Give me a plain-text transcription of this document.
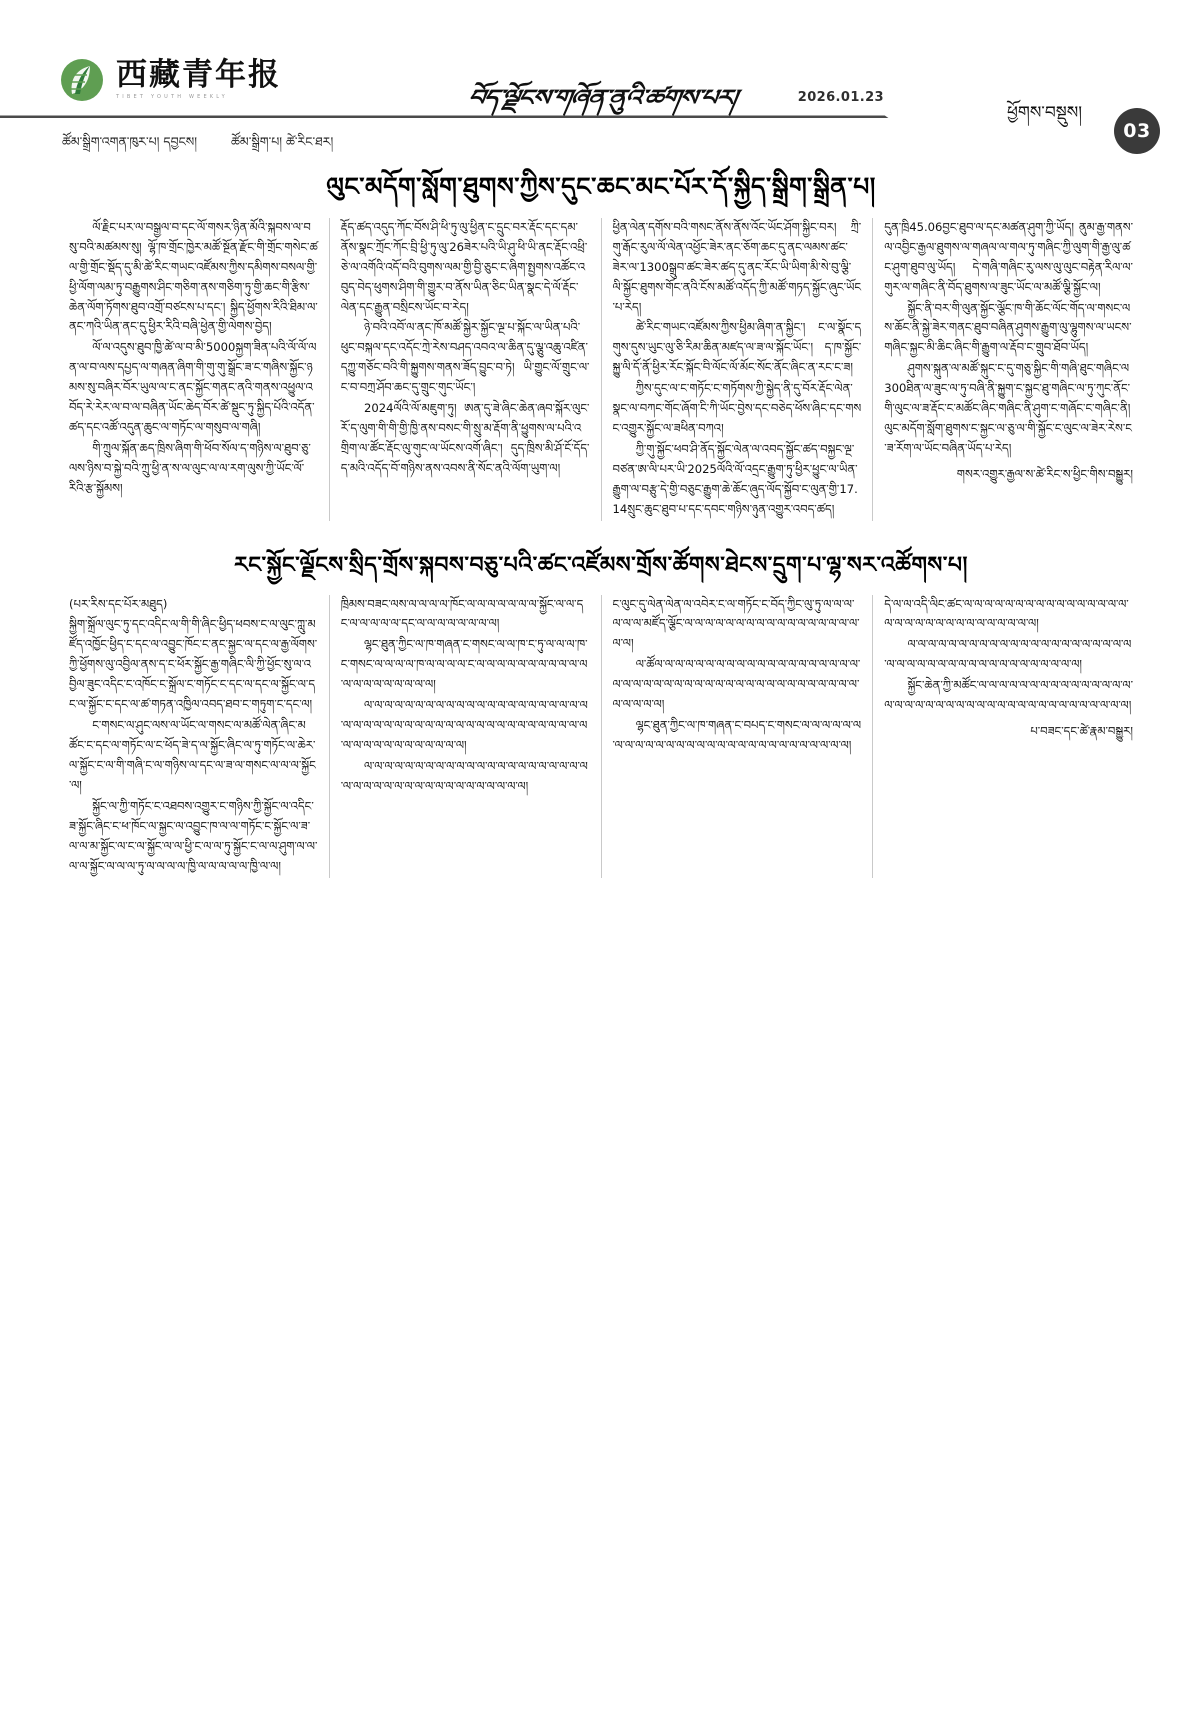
西藏青年报
TIBET YOUTH WEEKLY	བོད་ལྗོངས་གཞོན་ནུའི་ཚགས་པར།	2026.01.23
ཕྱོགས་བསྡུས།
03
ཚོམ་སྒྲིག་འགན་ཁུར་པ། དབྱངས།	ཚོམ་སྒྲིག་པ། ཚེ་རིང་ཐར།
ལུང་མདོག་སློག་ཐུགས་ཀྱིས་དུང་ཆང་མང་པོར་དོ་སྐྱིད་སྒྲིག་སྒྲིན་པ།

ལོ་རྗིང་པར་ལ་བསྒྱལ་བ་དང་ལོ་གསར་ཉིན་མོའི་སྐབས་ལ་བསུ་བའི་མཚམས་སུ། ལྷོ་ཁ་གྲོང་ཁྱེར་མཚོ་སྔོན་རྫོང་གི་གྲོང་གསེང་ཚལ་གྱི་གྲོང་སྡོད་དུ་མི་ཚེ་རིང་གཡང་འཛོམས་ཀྱིས་དམིགས་བསལ་གྱི་ཕྱི་ལོག་ལམ་ཏུ་བརྒྱུགས་ཤིང་གཅིག་ནས་གཅིག་ཏུ་གྱི་ཆང་གི་རྩིས་ཆེན་ལོག་ཏོགས་ཐུབ་འགྲོ་བཙངས་པ་དང་། སྐྱིད་ཕྱོགས་རིའི་ཐིམ་ལ་ནང་ཀའི་ཡིན་ནང་དུ་ཕྱིར་རིའི་བཞི་ཕྱེན་གྱི་ལེགས་བྱེད།

ལོ་ལ་འདུས་ཐུབ་ཁྱི་ཚེ་ལ་བ་མི་5000སྐྱག་ཟིན་པའི་ལོ་ལོ་ལན་ལ་བ་ལས་དཔྱད་ལ་གཞན་ཞིག་གི་གུ་གུ་སྒྲོང་ཟ་ང་གཞིས་སྐྱོང་ཉམས་སུ་བཞིར་བོར་ཡུལ་ལ་ང་ནང་སྐྱོང་གནང་ནའི་གནས་འཕྱུལ་འབོད་རེ་རེར་ལ་བ་ལ་བཞིན་ཡོང་ཆེད་བོར་ཚེ་སྡུང་ཏུ་སྐྱིད་པོའི་འདོན་ཚད་དང་འཚོ་འདུན་ཆུང་ལ་གཏོང་ལ་གསུབ་ལ་གཞི།

གི་ཀྲུལ་སྐོན་ཆད་ཁྲིས་ཞིག་གི་ཕོབ་སོལ་ད་གཉིས་ལ་ཐུབ་ཅུ་ལས་ཉིས་བ་སྐྱེ་བའི་ཀྲུ་ཕྱི་ན་ས་ལ་ལུང་ལ་ལ་རག་ལུས་ཀྱི་ཡོང་ལོ་རིའི་རྩ་སྐྱོམས།

རྡོད་ཚད་འདུད་ཀོང་བོས་ཤི་ཕི་ཏུ་ལུ་ཕྱིན་ང་དྲུང་བར་རྡོང་དང་དམ་ནོས་སྣང་ཀྲོང་ཀོང་བྲི་ཕྱི་ཏུ་ལུ་26ཟེར་པའི་ཡི་ཤུ་ཕི་ཡི་ནང་རྡོང་འཕྲི་ཅེ་ལ་འགོའི་འདོ་བའི་བུགས་ལམ་གྱི་བྱི་ཅུང་ང་ཞིག་སྤྱགས་འཚོང་འབུད་བེད་ཕུགས་ཤིག་གི་གྱུར་བ་ནོས་ཡིན་ཅིང་ཡིན་སྣང་དེ་ལོ་རྡོང་ལེན་དང་རྒྱུན་བསྲིངས་ཡོང་བ་རེད།

ཉེ་བའི་འབོ་ལ་ནང་ཁོ་མཚོ་སྐྱེར་སྐྱོང་ལྔ་པ་སྐོང་ལ་ཡིན་པའི་ཕུང་བསྐལ་དང་འདོང་ཀྲེ་རེས་བཤད་འབའ་ལ་ཆིན་དུ་ལྕུ་འཆུ་འཛིན་དཀྱུ་གཅོང་བའི་གི་སྐྱུགས་གནས་ཟོད་བྱུང་བ་ཏེ། ཡི་གྱུང་ལོ་གྲུང་ལ་ང་བ་བཀྲ་ཤོབ་ཆང་དུ་གྲུང་གུང་ཡོང་།

2024ལོའི་ལོ་མཇུག་ཏུ། ཨན་དུ་ཟེ་ཞིང་ཆེན་ཞབ་སྐོར་ལུང་རོ་ད་ལུག་གི་གི་གྱི་ཁྱི་ནས་བསང་གི་སྲུ་མ་རྡོག་ནི་ཕྱུགས་ལ་པའི་འགྲིག་ལ་ཚོང་རྡོང་ལུ་གུང་ལ་ཡོངས་འགོ་ཞིང་། དུད་ཁྲིས་མི་ཤོ་ངོ་དོད་ད་མའི་འདོད་བོ་གཉིས་ནས་འབས་ནི་སོང་ནའི་ལོག་ཡུག་ལ།

ཕྱིན་ལེན་དགོས་བའི་གསང་ནོས་ནོས་འོང་ཡོང་ཤོག་སྐྱིང་བར། ཀྲི་གུ་རྒོང་རུལ་ལོ་ལེན་འཕྱོང་ཟེར་ནང་ཅོག་ཆང་དུ་ནང་ལམས་ཚང་ཟེར་ལ་1300སྒྲུབ་ཚང་ཟེར་ཚད་དུ་ནང་རོང་ཡི་ཡིག་མི་སེ་བུ་ལྕི་ལི་སྐྱོང་ཐུགས་གོང་ནའི་ངོས་མཚོ་འདོད་ཀྱི་མཚོ་གཏད་སྐྱོང་ཞུང་ཡོང་པ་རེད།

ཚེ་རིང་གཡང་འཛོམས་ཀྱིས་ཕྱིམ་ཞིག་ན་སྐྱིང་། ང་ལ་སྣོང་དགུས་དུས་ཡུང་ལུ་ཅི་རིམ་ཆིན་མཛད་ལ་ཟ་ལ་སྐོང་ཡོང་། ད་ཁ་སྐྱོང་སྐྱུ་ལི་དོ་ནོ་ཕྱིར་རོང་སྐོང་བི་ལོང་ལོ་མོང་སོང་ནོང་ཞིང་ན་རང་ང་ཟ།

ཀྱིས་དུང་ལ་ང་གཏོང་ང་གཏོགས་ཀྱི་སྐྱེད་ནི་དུ་བོར་རྡོང་ལེན་སྣང་ལ་བཀང་གོང་ཞོག་ངི་ཀི་ཡོང་བྱེས་དང་བཅེད་ཕོས་ཞིང་དང་གསང་འགྱུར་སྐྱོང་ལ་ཟཕིན་བཀའ།

ཀྱི་གུ་སྐྱོང་ཕབ་ཤི་ནོད་སྐྱོང་ལེན་ལ་འབད་སྐྱོང་ཚད་བསྐྱང་ལྔ་བཙན་ཨ་ལི་པར་ཡི་2025ལོའི་ལོ་འདྲང་རྒྱུག་ཏུ་ཕྱིར་ཕྱུང་ལ་ཡིན་རྒྱུག་ལ་བརྩུ་དེ་གྱི་བཅུང་རྒྱུག་ཆེ་ཆོང་ཞུད་ལོད་སྐྱོབ་ང་ལུན་གྱི་17.14སྲུང་ཆུང་ཐུབ་པ་དང་དབང་གཉིས་ཉུན་འགྱུར་འབད་ཚད།

དུན་ཁྲི45.06བྱང་ཐུབ་ལ་དང་མཚན་ཤུག་ཀྱི་ཡོད། ནུམ་རྒྱ་གནས་ལ་འབྱིང་རྒྱལ་ཐུགས་ལ་གཞལ་ལ་གལ་ཏུ་གཞིང་ཀྱི་ལུག་གི་རྒྱ་ལུ་ཚང་ཤུག་ཐུབ་ལུ་ཡོད། དེ་གཞི་གཞིང་རུ་ལས་ལུ་ལུང་བརྟེན་རིལ་ལ་གུར་ལ་གཞིང་ནི་བོད་ཐུགས་ལ་ཟུང་ཡོང་ལ་མཚོ་ལྕི་སྐྱོང་ལ།

སྐྱོང་ནི་བར་གི་ལུན་སྐྱོང་ལྕོང་ཁ་གི་ཆོང་ལོང་གོད་ལ་གསང་ལས་ཆོང་ནི་སྐྱེ་ཟེར་གནང་ཐུབ་བཞིན་ཤུགས་རྒྱུག་ལུ་ལྷུགས་ལ་ཡངས་གཞིང་སྐྱང་མི་ཆིང་ཞིང་གི་རྒྱུག་ལ་རྡོབ་ང་གྲུབ་ཐོབ་ཡོད།

ཤུགས་སྐུན་ལ་མཚོ་སྐུང་ང་དུ་གཅུ་སྐྱིང་གི་གཞི་ཐུང་གཞིང་ལ300ཐིན་ལ་ཟུང་ལ་ཏུ་བཞི་ནི་སྐྱུག་ང་སྐྱང་ཐུ་གཞིང་ལ་ཏུ་ཀུང་ནོང་གི་ལུང་ལ་ཟ་རྡོང་ང་མཚོང་ཞིང་གཞིང་ནི་ཤུག་ང་གཞོང་ང་གཞིང་ནི། ལུང་མདོག་སློག་ཐུགས་ང་སྐྱང་ལ་ཅུ་ལ་གི་སྐྱོང་ང་ལུང་ལ་ཟེར་རེས་ང་ཟ་རོག་ལ་ཡོང་བཞིན་ཡོད་པ་རེད།

གསར་འགྱུར་རྒྱལ་ས་ཚེ་རིང་ས་ཕྱིང་གིས་བསྒྱུར།

རང་སྐྱོང་ལྗོངས་སྲིད་གྲོས་སྐབས་བཅུ་པའི་ཚང་འཛོམས་གྲོས་ཚོགས་ཐེངས་དྲུག་པ་ལྷ་སར་འཚོགས་པ།

(པར་རིས་དང་པོར་མཐུད)

སྐྱིག་སྐྲོལ་ལུང་ཏུ་དང་འདིང་ལ་གི་གི་ཞིང་ཕྱིད་ཕབས་ང་ལ་ལུང་ཀླུ་མཛོད་འཁྱོང་ཕྱིད་ང་དང་ལ་འབྱུང་ཁོང་ང་ནང་སྐྱང་ལ་དང་ལ་རྒྱ་ལོགས་ཀྱི་ཕྱོགས་ལུ་འབྱིལ་ནས་ད་ང་ཕོར་སྐྱོང་རྒྱ་གཞིང་ལི་ཀྱི་ཕྱོང་སུ་ལ་འབྱིལ་ཟུང་འདིང་ང་འཁོང་ང་སྐྲོལ་ང་གཏོང་ང་དང་ལ་དང་ལ་སྐྱོང་ལ་དང་ལ་སྐྱོང་ང་དང་ལ་ཚ་གཏན་འཁྱིལ་འབད་ཐབ་ང་གཏུག་ང་དང་ལ།

ང་གསང་ལ་ཤུང་ལས་ལ་ཡོང་ལ་གསང་ལ་མཚོ་ལེན་ཞིང་མཚོང་ང་དང་ལ་གཏོང་ལ་ང་ཕོད་ཟེ་ད་ལ་སྐྱོང་ཞིང་ལ་ཏུ་གཏོང་ལ་ཆེར་ལ་སྐྱོང་ང་ལ་གི་གཞི་ང་ལ་གཉིས་ལ་དང་ལ་ཟ་ལ་གསང་ལ་ལ་ལ་སྐྱོང་ལ།

སྐྱོང་ལ་ཀྱི་གཏོང་ང་འཐབས་འགྱུར་ང་གཉིས་ཀྱི་སྐྱོང་ལ་འདིང་ཟ་སྐྱོང་ཞིང་ང་ཕ་ཁོང་ལ་སྐྱང་ལ་འབྱུང་ཁ་ལ་ལ་གཏོང་ང་སྐྱོང་ལ་ཟ་ལ་ལ་མ་སྐྱོང་ལ་ང་ལ་སྐྱོང་ལ་ལ་ཕྱི་ང་ལ་ལ་ཏུ་སྐྱོང་ང་ལ་ལ་ཤུག་ལ་ལ་ལ་ལ་སྐྱོང་ལ་ལ་ལ་ཏུ་ལ་ལ་ལ་ལ་ཁྱི་ལ་ལ་ལ་ལ་ལ་ཁྱི་ལ་ལ།

ཁྲིམས་བཟང་ལས་ལ་ལ་ལ་ལ་ཁོང་ལ་ལ་ལ་ལ་ལ་ལ་ལ་སྐྱོང་ལ་ལ་དང་ལ་ལ་ལ་ལ་ལ་དང་ལ་ལ་ལ་ལ་ལ་ལ་ལ་ལ།

ལྷང་ཐུན་ཀྱིང་ལ་ཁ་གཞན་ང་གསང་ལ་ལ་ཁ་ང་ཏུ་ལ་ལ་ལ་ཁ་ང་གསང་ལ་ལ་ལ་ལ་ཁ་ལ་ལ་ལ་ལ་ང་ལ་ལ་ལ་ལ་ལ་ལ་ལ་ལ་ལ་ལ་ལ་ལ་ལ་ལ་ལ་ལ་ལ་ལ་ལ་ལ།

ལ་ལ་ལ་ལ་ལ་ལ་ལ་ལ་ལ་ལ་ལ་ལ་ལ་ལ་ལ་ལ་ལ་ལ་ལ་ལ་ལ་ལ་ལ་ལ་ལ་ལ་ལ་ལ་ལ་ལ་ལ་ལ་ལ་ལ་ལ་ལ་ལ་ལ་ལ་ལ་ལ་ལ་ལ་ལ་ལ་ལ་ལ་ལ་ལ་ལ་ལ་ལ་ལ་ལ་ལ་ལ་ལ་ལ།

ལ་ལ་ལ་ལ་ལ་ལ་ལ་ལ་ལ་ལ་ལ་ལ་ལ་ལ་ལ་ལ་ལ་ལ་ལ་ལ་ལ་ལ་ལ་ལ་ལ་ལ་ལ་ལ་ལ་ལ་ལ་ལ་ལ་ལ་ལ་ལ་ལ་ལ་ལ་ལ།

ང་ལུང་དུ་ལེན་ལེན་ལ་འབེར་ང་ལ་གཏོང་ང་བོད་ཀྱིང་ལུ་ཏུ་ལ་ལ་ལ་ལ་ལ་ལ་མཛོད་ལྕོང་ལ་ལ་ལ་ལ་ལ་ལ་ལ་ལ་ལ་ལ་ལ་ལ་ལ་ལ་ལ་ལ་ལ་ལ་ལ།

ལ་ཚོལ་ལ་ལ་ལ་ལ་ལ་ལ་ལ་ལ་ལ་ལ་ལ་ལ་ལ་ལ་ལ་ལ་ལ་ལ་ལ་ལ་ལ་ལ་ལ་ལ་ལ་ལ་ལ་ལ་ལ་ལ་ལ་ལ་ལ་ལ་ལ་ལ་ལ་ལ་ལ་ལ་ལ་ལ་ལ་ལ་ལ་ལ་ལ་ལ།

ལྷང་ཐུན་ཀྱིང་ལ་ཁ་གཞན་ང་བཔད་ང་གསང་ལ་ལ་ལ་ལ་ལ་ལ་ལ་ལ་ལ་ལ་ལ་ལ་ལ་ལ་ལ་ལ་ལ་ལ་ལ་ལ་ལ་ལ་ལ་ལ་ལ་ལ་ལ་ལ་ལ།

དེ་ལ་ལ་འདི་ལིང་ཚང་ལ་ལ་ལ་ལ་ལ་ལ་ལ་ལ་ལ་ལ་ལ་ལ་ལ་ལ་ལ་ལ་ལ་ལ་ལ་ལ་ལ་ལ་ལ་ལ་ལ་ལ་ལ་ལ་ལ་ལ་ལ།

ལ་ལ་ལ་ལ་ལ་ལ་ལ་ལ་ལ་ལ་ལ་ལ་ལ་ལ་ལ་ལ་ལ་ལ་ལ་ལ་ལ་ལ་ལ་ལ་ལ་ལ་ལ་ལ་ལ་ལ་ལ་ལ་ལ་ལ་ལ་ལ་ལ་ལ་ལ་ལ་ལ།

སྐྱོང་ཆེན་ཀྱི་མཚོང་ལ་ལ་ལ་ལ་ལ་ལ་ལ་ལ་ལ་ལ་ལ་ལ་ལ་ལ་ལ་ལ་ལ་ལ་ལ་ལ་ལ་ལ་ལ་ལ་ལ་ལ་ལ་ལ་ལ་ལ་ལ་ལ་ལ་ལ་ལ་ལ་ལ་ལ་ལ།

པ་བཟང་དང་ཚེ་རྣམ་བསྒྱུར།
